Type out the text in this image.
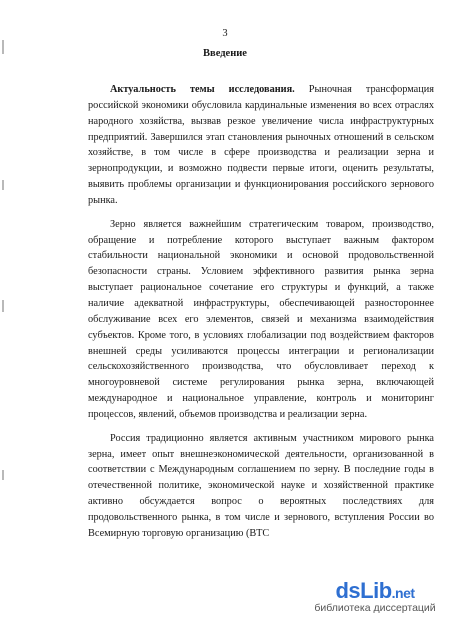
3
Введение
Актуальность темы исследования. Рыночная трансформация
российской экономики обусловила кардинальные изменения во всех отраслях
народного хозяйства, вызвав резкое увеличение числа инфраструктурных
предприятий. Завершился этап становления рыночных отношений в сельском
хозяйстве, в том числе в сфере производства и реализации зерна и
зернопродукции, и возможно подвести первые итоги, оценить результаты,
выявить проблемы организации и функционирования российского зернового
рынка.
Зерно является важнейшим стратегическим товаром, производство,
обращение и потребление которого выступает важным фактором
стабильности национальной экономики и основой продовольственной
безопасности страны. Условием эффективного развития рынка зерна
выступает рациональное сочетание его структуры и функций, а также
наличие адекватной инфраструктуры, обеспечивающей разностороннее
обслуживание всех его элементов, связей и механизма взаимодействия
субъектов. Кроме того, в условиях глобализации под воздействием факторов
внешней среды усиливаются процессы интеграции и регионализации
сельскохозяйственного производства, что обусловливает переход к
многоуровневой системе регулирования рынка зерна, включающей
международное и национальное управление, контроль и мониторинг
процессов, явлений, объемов производства и реализации зерна.
Россия традиционно является активным участником мирового рынка
зерна, имеет опыт внешнеэкономической деятельности, организованной в
соответствии с Международным соглашением по зерну. В последние годы в
отечественной политике, экономической науке и хозяйственной практике
активно обсуждается вопрос о вероятных последствиях для
продовольственного рынка, в том числе и зернового, вступления России во
Всемирную торговую организацию (ВТС
dsLib.net
библиотека диссертаций
